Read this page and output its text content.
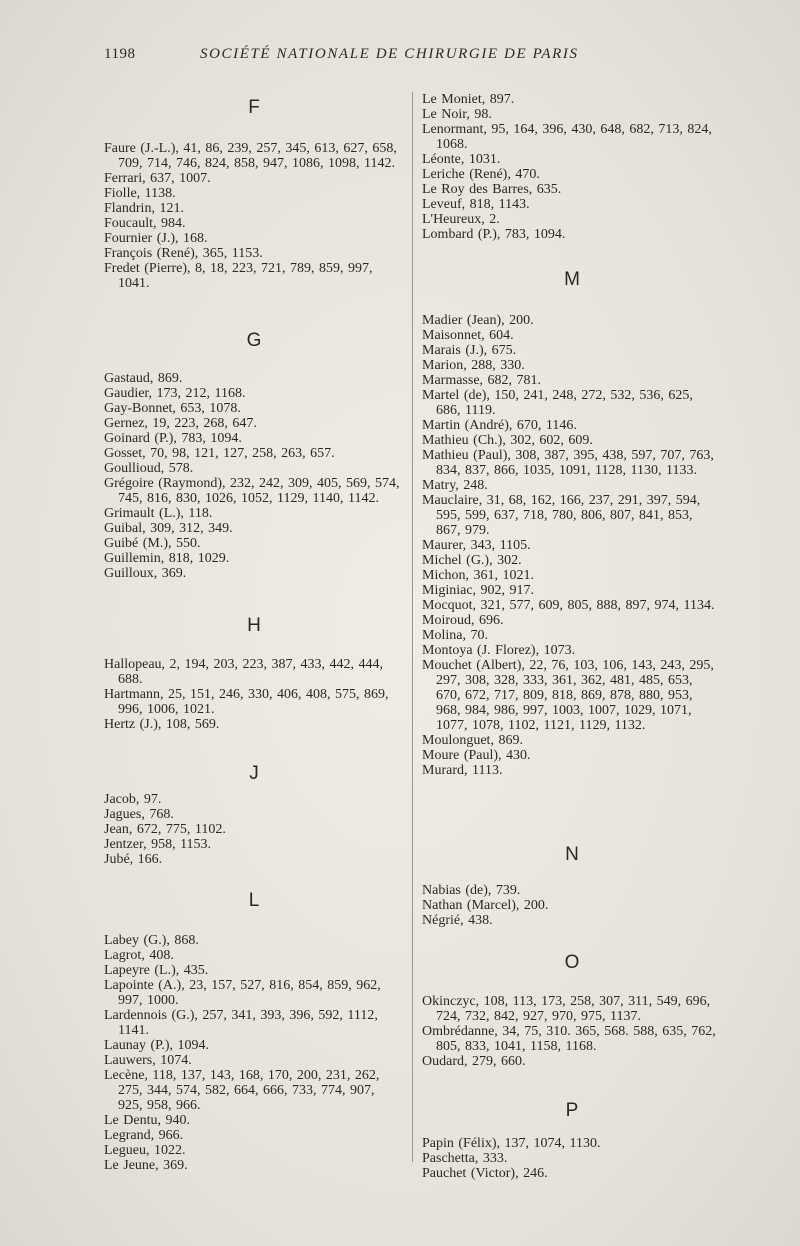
1198	SOCIÉTÉ NATIONALE DE CHIRURGIE DE PARIS
F
Faure (J.-L.), 41, 86, 239, 257, 345, 613, 627, 658, 709, 714, 746, 824, 858, 947, 1086, 1098, 1142.
Ferrari, 637, 1007.
Fiolle, 1138.
Flandrin, 121.
Foucault, 984.
Fournier (J.), 168.
François (René), 365, 1153.
Fredet (Pierre), 8, 18, 223, 721, 789, 859, 997, 1041.
G
Gastaud, 869.
Gaudier, 173, 212, 1168.
Gay-Bonnet, 653, 1078.
Gernez, 19, 223, 268, 647.
Goinard (P.), 783, 1094.
Gosset, 70, 98, 121, 127, 258, 263, 657.
Goullioud, 578.
Grégoire (Raymond), 232, 242, 309, 405, 569, 574, 745, 816, 830, 1026, 1052, 1129, 1140, 1142.
Grimault (L.), 118.
Guibal, 309, 312, 349.
Guibé (M.), 550.
Guillemin, 818, 1029.
Guilloux, 369.
H
Hallopeau, 2, 194, 203, 223, 387, 433, 442, 444, 688.
Hartmann, 25, 151, 246, 330, 406, 408, 575, 869, 996, 1006, 1021.
Hertz (J.), 108, 569.
J
Jacob, 97.
Jagues, 768.
Jean, 672, 775, 1102.
Jentzer, 958, 1153.
Jubé, 166.
L
Labey (G.), 868.
Lagrot, 408.
Lapeyre (L.), 435.
Lapointe (A.), 23, 157, 527, 816, 854, 859, 962, 997, 1000.
Lardennois (G.), 257, 341, 393, 396, 592, 1112, 1141.
Launay (P.), 1094.
Lauwers, 1074.
Lecène, 118, 137, 143, 168, 170, 200, 231, 262, 275, 344, 574, 582, 664, 666, 733, 774, 907, 925, 958, 966.
Le Dentu, 940.
Legrand, 966.
Legueu, 1022.
Le Jeune, 369.
Le Moniet, 897.
Le Noir, 98.
Lenormant, 95, 164, 396, 430, 648, 682, 713, 824, 1068.
Léonte, 1031.
Leriche (René), 470.
Le Roy des Barres, 635.
Leveuf, 818, 1143.
L'Heureux, 2.
Lombard (P.), 783, 1094.
M
Madier (Jean), 200.
Maisonnet, 604.
Marais (J.), 675.
Marion, 288, 330.
Marmasse, 682, 781.
Martel (de), 150, 241, 248, 272, 532, 536, 625, 686, 1119.
Martin (André), 670, 1146.
Mathieu (Ch.), 302, 602, 609.
Mathieu (Paul), 308, 387, 395, 438, 597, 707, 763, 834, 837, 866, 1035, 1091, 1128, 1130, 1133.
Matry, 248.
Mauclaire, 31, 68, 162, 166, 237, 291, 397, 594, 595, 599, 637, 718, 780, 806, 807, 841, 853, 867, 979.
Maurer, 343, 1105.
Michel (G.), 302.
Michon, 361, 1021.
Miginiac, 902, 917.
Mocquot, 321, 577, 609, 805, 888, 897, 974, 1134.
Moiroud, 696.
Molina, 70.
Montoya (J. Florez), 1073.
Mouchet (Albert), 22, 76, 103, 106, 143, 243, 295, 297, 308, 328, 333, 361, 362, 481, 485, 653, 670, 672, 717, 809, 818, 869, 878, 880, 953, 968, 984, 986, 997, 1003, 1007, 1029, 1071, 1077, 1078, 1102, 1121, 1129, 1132.
Moulonguet, 869.
Moure (Paul), 430.
Murard, 1113.
N
Nabias (de), 739.
Nathan (Marcel), 200.
Négrié, 438.
O
Okinczyc, 108, 113, 173, 258, 307, 311, 549, 696, 724, 732, 842, 927, 970, 975, 1137.
Ombrédanne, 34, 75, 310. 365, 568. 588, 635, 762, 805, 833, 1041, 1158, 1168.
Oudard, 279, 660.
P
Papin (Félix), 137, 1074, 1130.
Paschetta, 333.
Pauchet (Victor), 246.
